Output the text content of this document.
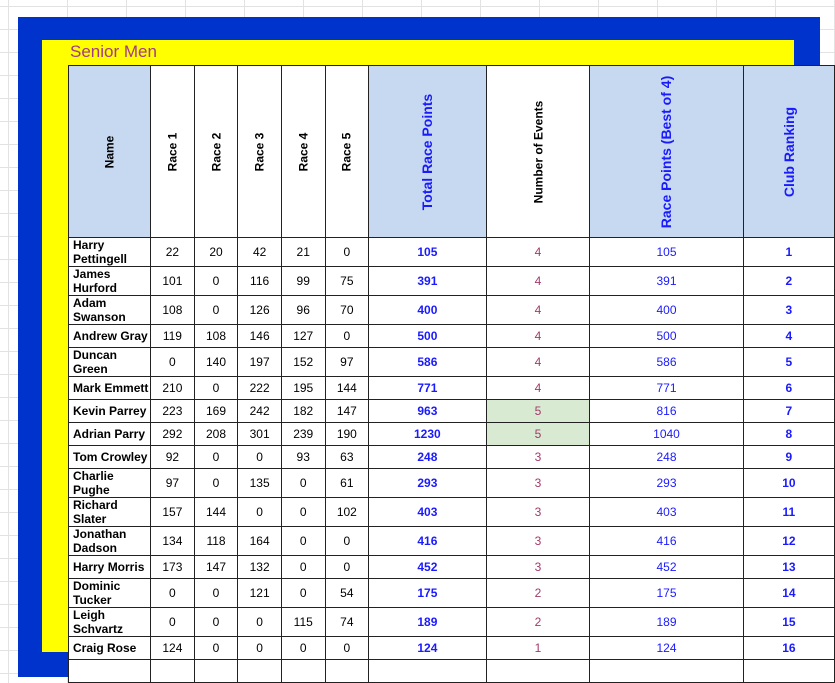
Senior Men
Name	Race 1	Race 2	Race 3	Race 4	Race 5	Total Race Points	Number of Events	Race Points (Best of 4)	Club Ranking
Harry Pettingell	22	20	42	21	0	105	4	105	1
James Hurford	101	0	116	99	75	391	4	391	2
Adam Swanson	108	0	126	96	70	400	4	400	3
Andrew Gray	119	108	146	127	0	500	4	500	4
Duncan Green	0	140	197	152	97	586	4	586	5
Mark Emmett	210	0	222	195	144	771	4	771	6
Kevin Parrey	223	169	242	182	147	963	5	816	7
Adrian Parry	292	208	301	239	190	1230	5	1040	8
Tom Crowley	92	0	0	93	63	248	3	248	9
Charlie Pughe	97	0	135	0	61	293	3	293	10
Richard Slater	157	144	0	0	102	403	3	403	11
Jonathan Dadson	134	118	164	0	0	416	3	416	12
Harry Morris	173	147	132	0	0	452	3	452	13
Dominic Tucker	0	0	121	0	54	175	2	175	14
Leigh Schvartz	0	0	0	115	74	189	2	189	15
Craig Rose	124	0	0	0	0	124	1	124	16
